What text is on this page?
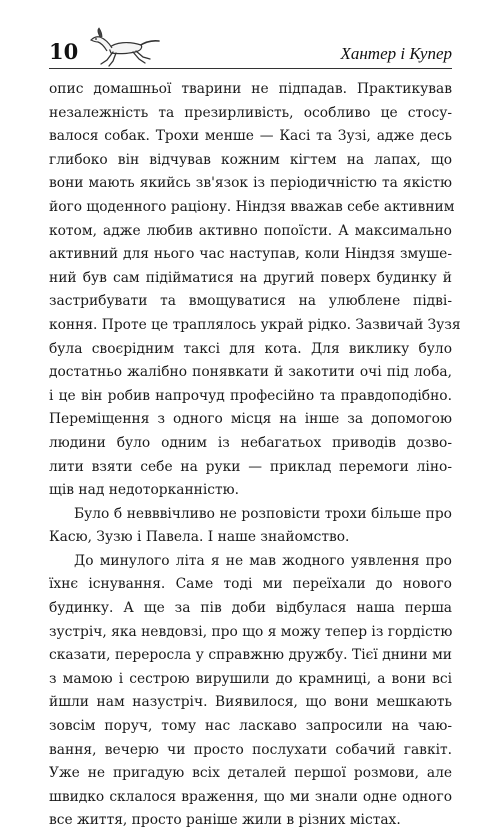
10	Хантер і Купер
опис домашньої тварини не підпадав. Практикував
незалежність та презирливість, особливо це стосу-
валося собак. Трохи менше — Касі та Зузі, адже десь
глибоко він відчував кожним кігтем на лапах, що
вони мають якийсь зв'язок із періодичністю та якістю
його щоденного раціону. Ніндзя вважав себе активним
котом, адже любив активно попоїсти. А максимально
активний для нього час наступав, коли Ніндзя змуше-
ний був сам підійматися на другий поверх будинку й
застрибувати та вмощуватися на улюблене підві-
коння. Проте це траплялось украй рідко. Зазвичай Зузя
була своєрідним таксі для кота. Для виклику було
достатньо жалібно понявкати й закотити очі під лоба,
і це він робив напрочуд професійно та правдоподібно.
Переміщення з одного місця на інше за допомогою
людини було одним із небагатьох приводів дозво-
лити взяти себе на руки — приклад перемоги ліно-
щів над недоторканністю.
Було б невввічливо не розповісти трохи більше про
Касю, Зузю і Павела. І наше знайомство.
До минулого літа я не мав жодного уявлення про
їхнє існування. Саме тоді ми переїхали до нового
будинку. А ще за пів доби відбулася наша перша
зустріч, яка невдовзі, про що я можу тепер із гордістю
сказати, переросла у справжню дружбу. Тієї днини ми
з мамою і сестрою вирушили до крамниці, а вони всі
йшли нам назустріч. Виявилося, що вони мешкають
зовсім поруч, тому нас ласкаво запросили на чаю-
вання, вечерю чи просто послухати собачий гавкіт.
Уже не пригадую всіх деталей першої розмови, але
швидко склалося враження, що ми знали одне одного
все життя, просто раніше жили в різних містах.
